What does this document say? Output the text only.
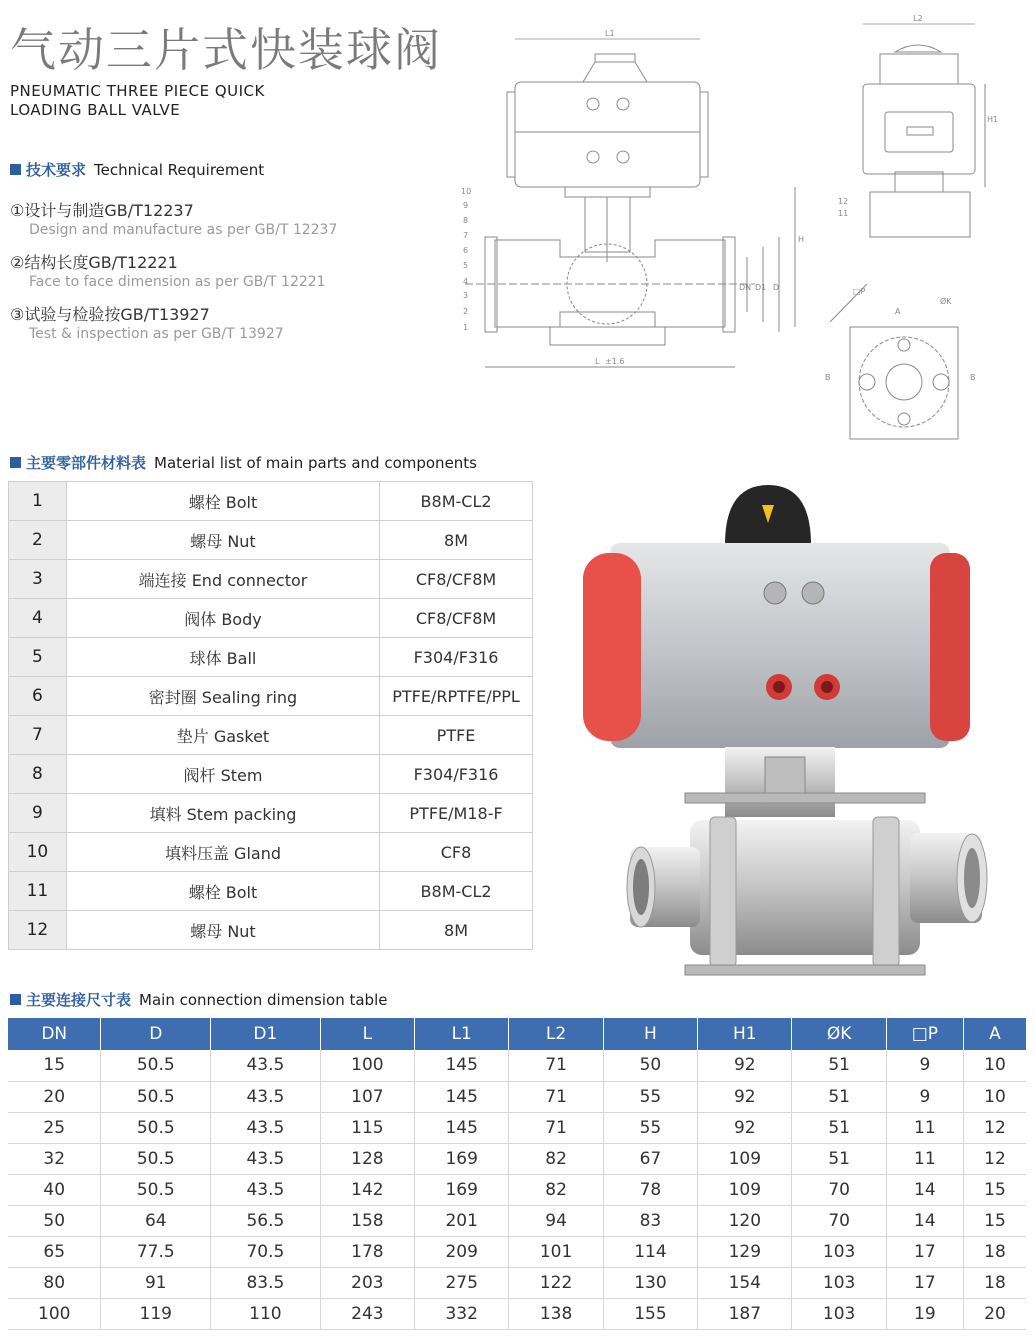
气动三片式快装球阀
PNEUMATIC THREE PIECE QUICK
LOADING BALL VALVE
技术要求 Technical Requirement
①设计与制造GB/T12237
Design and manufacture as per GB/T 12237
②结构长度GB/T12221
Face to face dimension as per GB/T 12221
③试验与检验按GB/T13927
Test & inspection as per GB/T 13927
L1
H
DN D1 D
L ±1.6
1
2
3
4
5
6
7
8
9
10
L2
H1
12
11
□P
ØK
A
B	B
主要零部件材料表 Material list of main parts and components
1	螺栓 Bolt	B8M-CL2
2	螺母 Nut	8M
3	端连接 End connector	CF8/CF8M
4	阀体 Body	CF8/CF8M
5	球体 Ball	F304/F316
6	密封圈 Sealing ring	PTFE/RPTFE/PPL
7	垫片 Gasket	PTFE
8	阀杆 Stem	F304/F316
9	填料 Stem packing	PTFE/M18-F
10	填料压盖 Gland	CF8
11	螺栓 Bolt	B8M-CL2
12	螺母 Nut	8M
主要连接尺寸表 Main connection dimension table
DN	D	D1	L	L1	L2	H	H1	ØK	□P	A
15	50.5	43.5	100	145	71	50	92	51	9	10
20	50.5	43.5	107	145	71	55	92	51	9	10
25	50.5	43.5	115	145	71	55	92	51	11	12
32	50.5	43.5	128	169	82	67	109	51	11	12
40	50.5	43.5	142	169	82	78	109	70	14	15
50	64	56.5	158	201	94	83	120	70	14	15
65	77.5	70.5	178	209	101	114	129	103	17	18
80	91	83.5	203	275	122	130	154	103	17	18
100	119	110	243	332	138	155	187	103	19	20
